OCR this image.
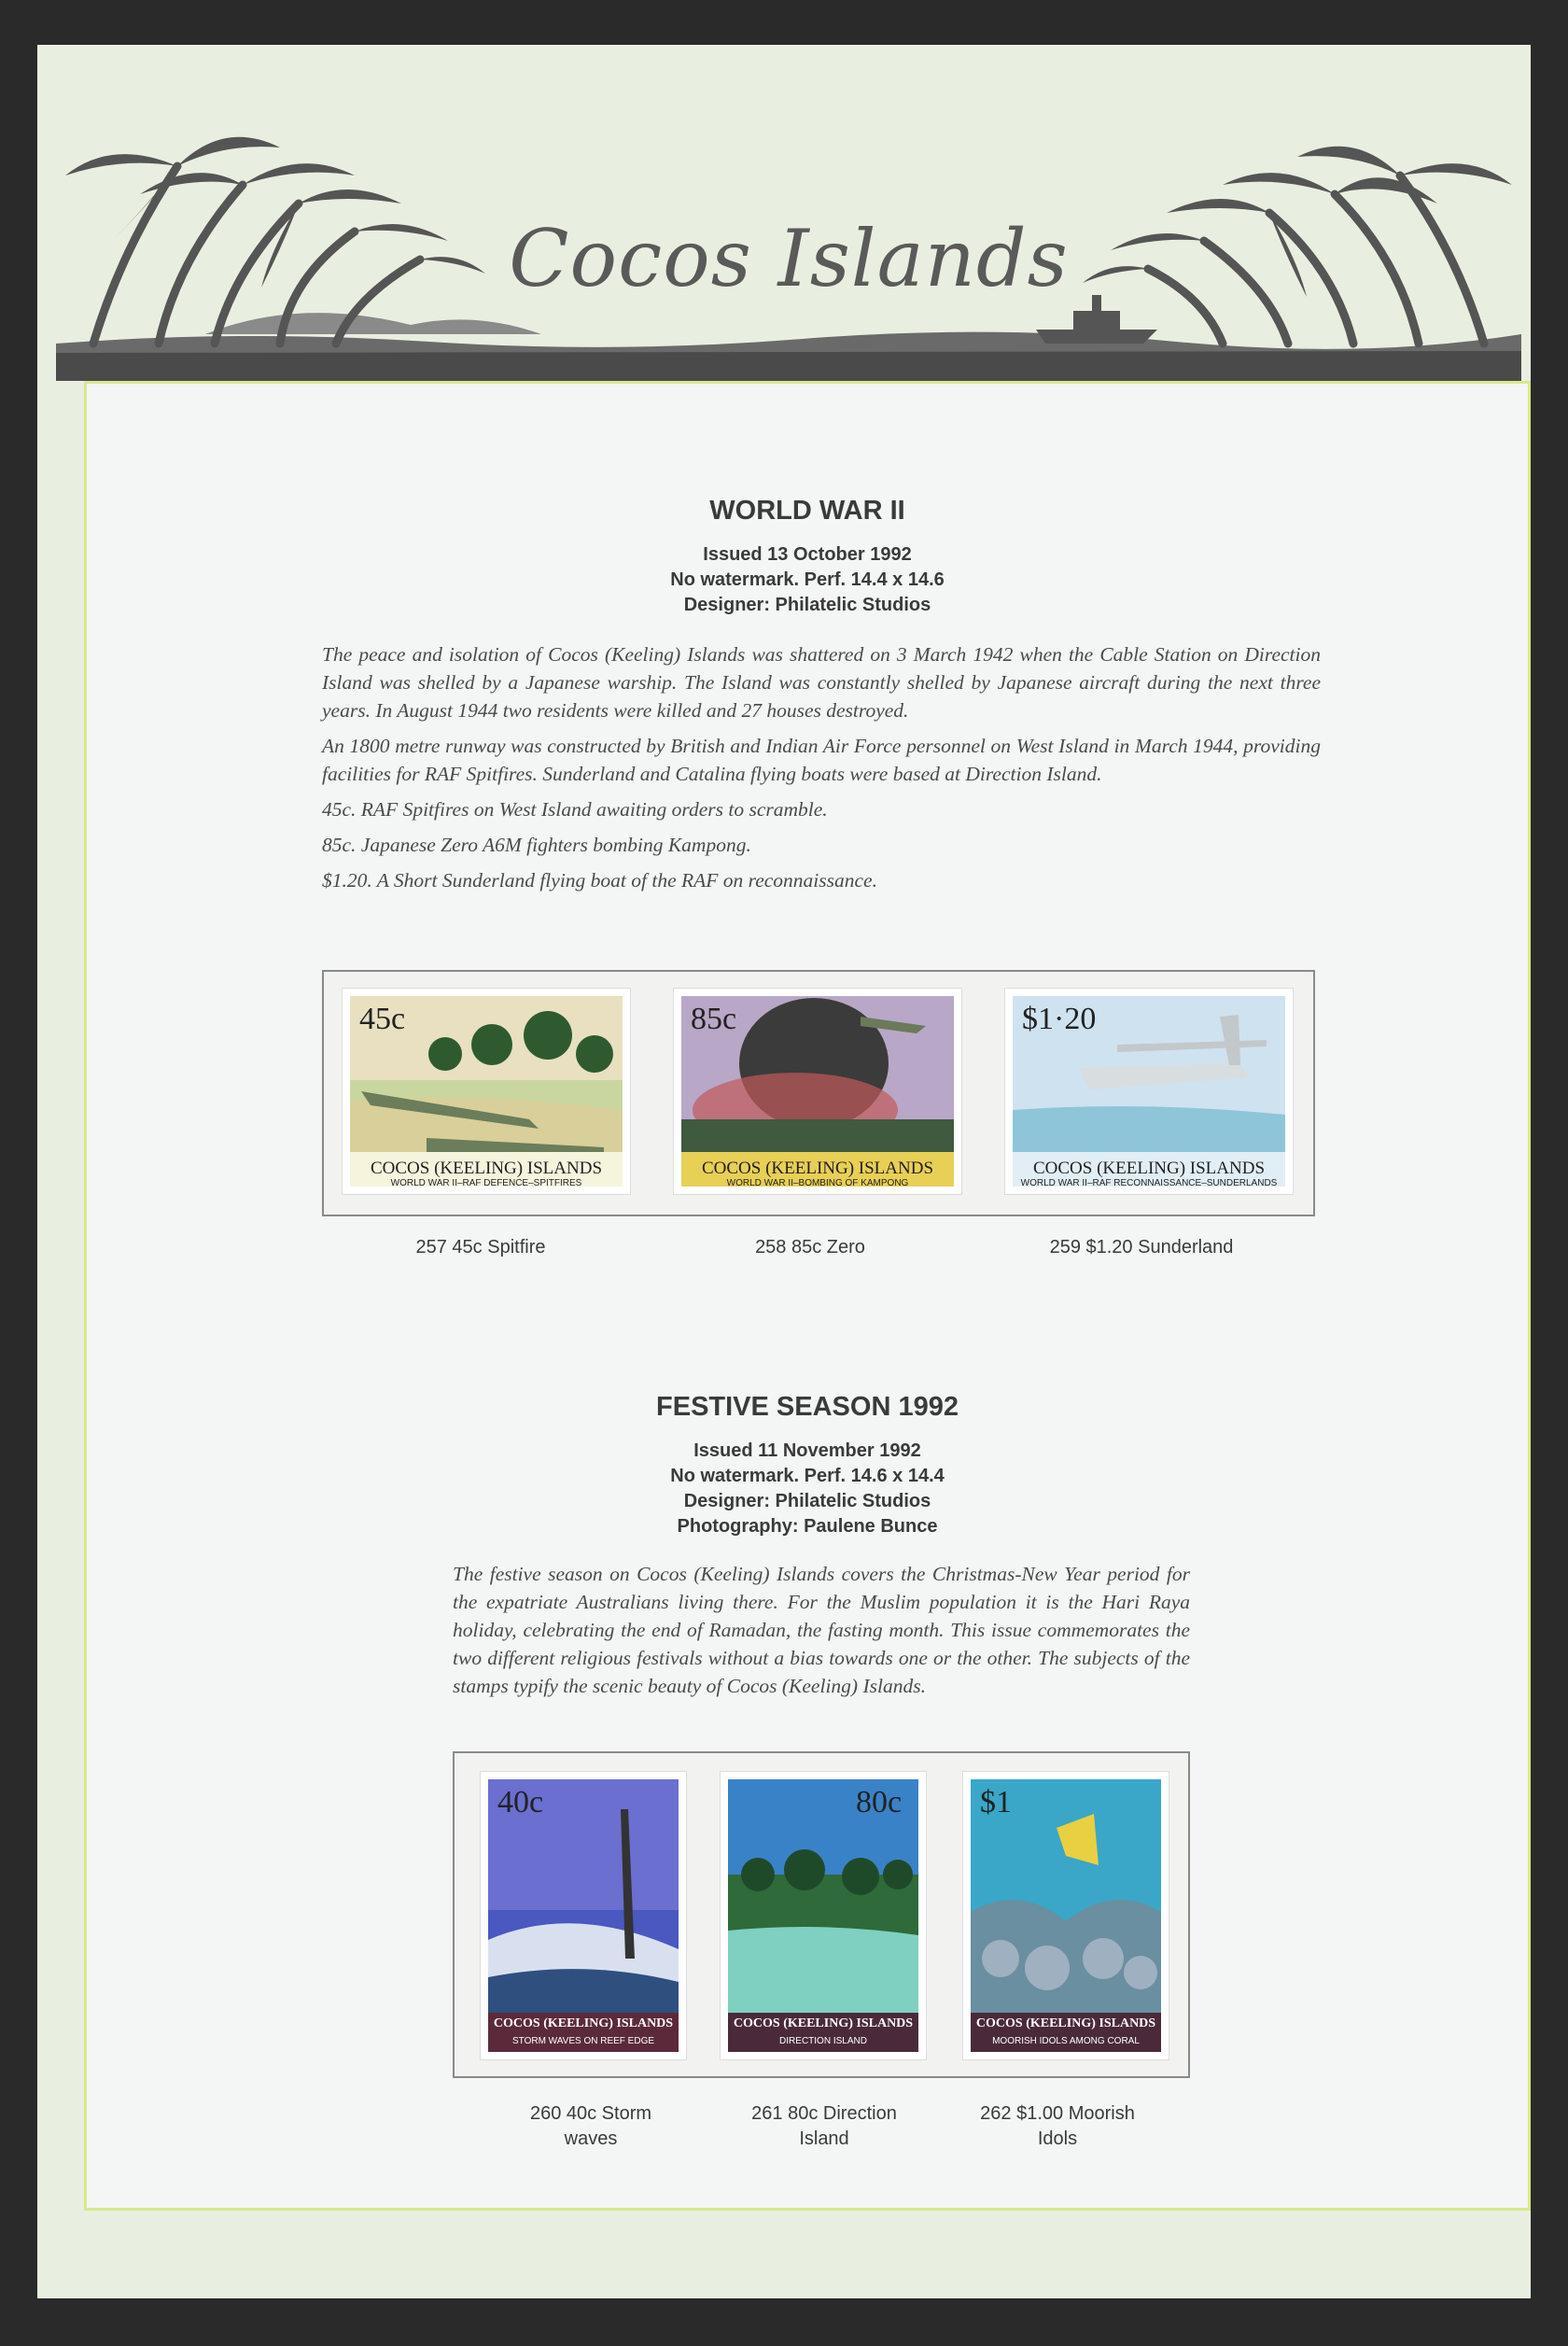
Cocos Islands
WORLD WAR II
Issued 13 October 1992
No watermark. Perf. 14.4 x 14.6
Designer: Philatelic Studios

The peace and isolation of Cocos (Keeling) Islands was shattered on 3 March 1942 when the Cable Station on Direction Island was shelled by a Japanese warship. The Island was constantly shelled by Japanese aircraft during the next three years. In August 1944 two residents were killed and 27 houses destroyed.

An 1800 metre runway was constructed by British and Indian Air Force personnel on West Island in March 1944, providing facilities for RAF Spitfires. Sunderland and Catalina flying boats were based at Direction Island.

45c. RAF Spitfires on West Island awaiting orders to scramble.

85c. Japanese Zero A6M fighters bombing Kampong.

$1.20. A Short Sunderland flying boat of the RAF on reconnaissance.

45c
COCOS (KEELING) ISLANDS
WORLD WAR II–RAF DEFENCE–SPITFIRES
85c
COCOS (KEELING) ISLANDS
WORLD WAR II–BOMBING OF KAMPONG
$1·20
COCOS (KEELING) ISLANDS
WORLD WAR II–RAF RECONNAISSANCE–SUNDERLANDS
257 45c Spitfire	258 85c Zero	259 $1.20 Sunderland
FESTIVE SEASON 1992
Issued 11 November 1992
No watermark. Perf. 14.6 x 14.4
Designer: Philatelic Studios
Photography: Paulene Bunce

The festive season on Cocos (Keeling) Islands covers the Christmas-New Year period for the expatriate Australians living there. For the Muslim population it is the Hari Raya holiday, celebrating the end of Ramadan, the fasting month. This issue commemorates the two different religious festivals without a bias towards one or the other. The subjects of the stamps typify the scenic beauty of Cocos (Keeling) Islands.

40c
COCOS (KEELING) ISLANDS
STORM WAVES ON REEF EDGE
80c
COCOS (KEELING) ISLANDS
DIRECTION ISLAND
$1
COCOS (KEELING) ISLANDS
MOORISH IDOLS AMONG CORAL
260 40c Storm
waves
261 80c Direction
Island
262 $1.00 Moorish
Idols
